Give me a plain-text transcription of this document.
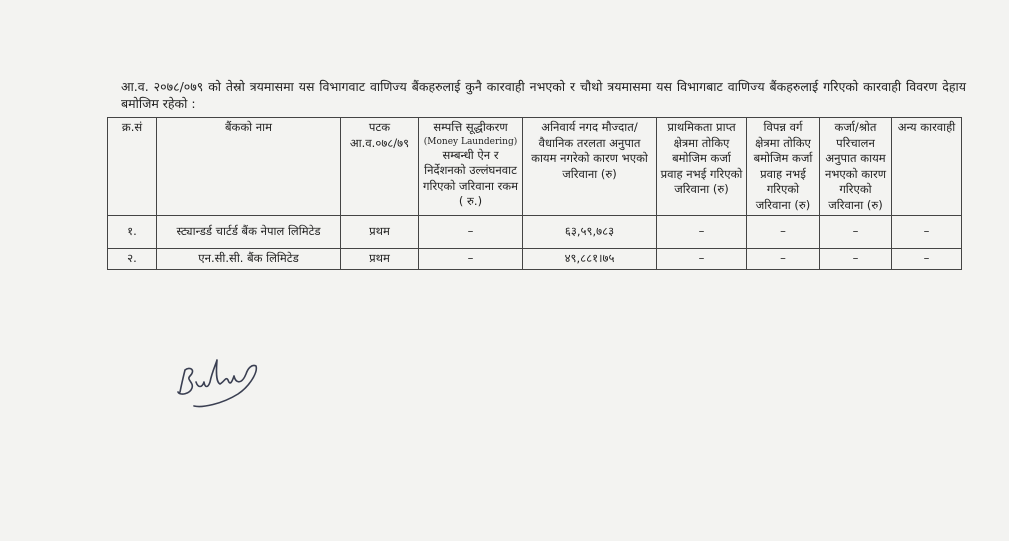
आ.व. २०७८/०७९ को तेस्रो त्रयमासमा यस विभागवाट वाणिज्य बैंकहरुलाई कुनै कारवाही नभएको र चौथो त्रयमासमा यस विभागबाट वाणिज्य बैंकहरुलाई गरिएको कारवाही विवरण देहाय बमोजिम रहेको :
क्र.सं	बैंकको नाम	पटक आ.व.०७८/७९	सम्पत्ति सूद्धीकरण
(Money Laundering)
सम्बन्धी ऐन र निर्देशनको उल्लंघनवाट गरिएको जरिवाना रकम ( रु.)	अनिवार्य नगद मौज्दात/ वैधानिक तरलता अनुपात कायम नगरेको कारण भएको जरिवाना (रु)	प्राथमिकता प्राप्त क्षेत्रमा तोकिए बमोजिम कर्जा प्रवाह नभई गरिएको जरिवाना (रु)	विपन्न वर्ग क्षेत्रमा तोकिए बमोजिम कर्जा प्रवाह नभई गरिएको जरिवाना (रु)	कर्जा/श्रोत परिचालन अनुपात कायम नभएको कारण गरिएको जरिवाना (रु)	अन्य कारवाही
१.	स्ट्यान्डर्ड चार्टर्ड बैंक नेपाल लिमिटेड	प्रथम	–	६३,५९,७८३	–	–	–	–
२.	एन.सी.सी. बैंक लिमिटेड	प्रथम	–	४९,८८१।७५	–	–	–	–
